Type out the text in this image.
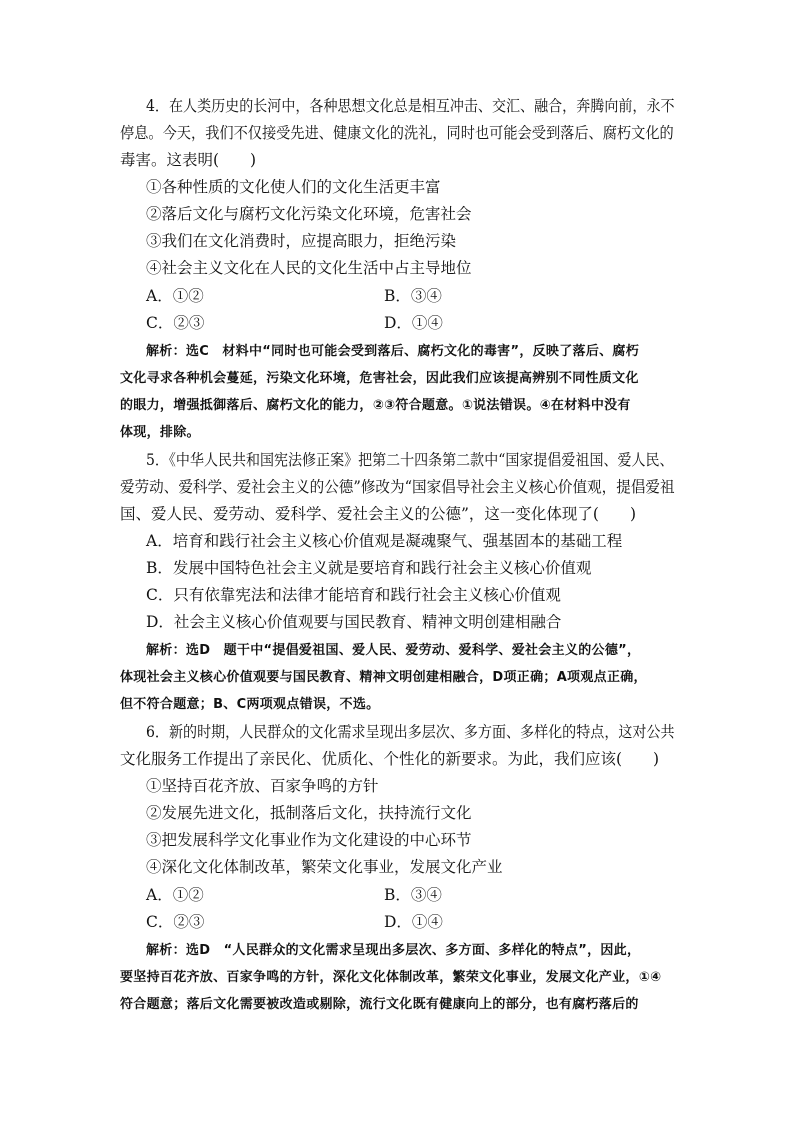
4．在人类历史的长河中，各种思想文化总是相互冲击、交汇、融合，奔腾向前，永不
停息。今天，我们不仅接受先进、健康文化的洗礼，同时也可能会受到落后、腐朽文化的
毒害。这表明(　　)
①各种性质的文化使人们的文化生活更丰富
②落后文化与腐朽文化污染文化环境，危害社会
③我们在文化消费时，应提高眼力，拒绝污染
④社会主义文化在人民的文化生活中占主导地位
A．①②	B．③④
C．②③	D．①④
解析：选C　材料中“同时也可能会受到落后、腐朽文化的毒害”，反映了落后、腐朽
文化寻求各种机会蔓延，污染文化环境，危害社会，因此我们应该提高辨别不同性质文化
的眼力，增强抵御落后、腐朽文化的能力，②③符合题意。①说法错误。④在材料中没有
体现，排除。
5．《中华人民共和国宪法修正案》把第二十四条第二款中“国家提倡爱祖国、爱人民、
爱劳动、爱科学、爱社会主义的公德”修改为“国家倡导社会主义核心价值观，提倡爱祖
国、爱人民、爱劳动、爱科学、爱社会主义的公德”，这一变化体现了(　　)
A．培育和践行社会主义核心价值观是凝魂聚气、强基固本的基础工程
B．发展中国特色社会主义就是要培育和践行社会主义核心价值观
C．只有依靠宪法和法律才能培育和践行社会主义核心价值观
D．社会主义核心价值观要与国民教育、精神文明创建相融合
解析：选D　题干中“提倡爱祖国、爱人民、爱劳动、爱科学、爱社会主义的公德”，
体现社会主义核心价值观要与国民教育、精神文明创建相融合，D项正确；A项观点正确，
但不符合题意；B、C两项观点错误，不选。
6．新的时期，人民群众的文化需求呈现出多层次、多方面、多样化的特点，这对公共
文化服务工作提出了亲民化、优质化、个性化的新要求。为此，我们应该(　　)
①坚持百花齐放、百家争鸣的方针
②发展先进文化，抵制落后文化，扶持流行文化
③把发展科学文化事业作为文化建设的中心环节
④深化文化体制改革，繁荣文化事业，发展文化产业
A．①②	B．③④
C．②③	D．①④
解析：选D　“人民群众的文化需求呈现出多层次、多方面、多样化的特点”，因此，
要坚持百花齐放、百家争鸣的方针，深化文化体制改革，繁荣文化事业，发展文化产业，①④
符合题意；落后文化需要被改造或剔除，流行文化既有健康向上的部分，也有腐朽落后的
